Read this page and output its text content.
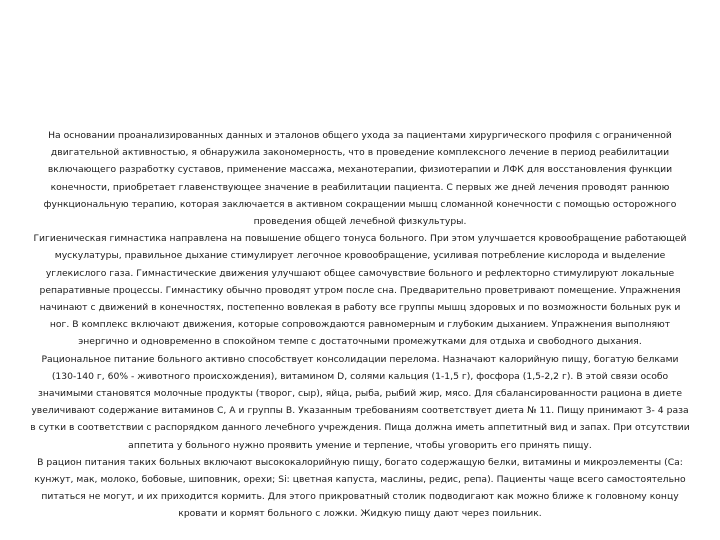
На основании проанализированных данных и эталонов общего ухода за пациентами хирургического профиля с ограниченной двигательной активностью, я обнаружила закономерность, что в проведение комплексного лечение в период реабилитации включающего разработку суставов, применение массажа, механотерапии, физиотерапии и ЛФК для восстановления функции конечности, приобретает главенствующее значение в реабилитации пациента. С первых же дней лечения проводят раннюю функциональную терапию, которая заключается в активном сокращении мышц сломанной конечности с помощью осторожного проведения общей лечебной физкультуры.

Гигиеническая гимнастика направлена на повышение общего тонуса больного. При этом улучшается кровообращение работающей мускулатуры, правильное дыхание стимулирует легочное кровообращение, усиливая потребление кислорода и выделение углекислого газа. Гимнастические движения улучшают общее самочувствие больного и рефлекторно стимулируют локальные репаративные процессы. Гимнастику обычно проводят утром после сна. Предварительно проветривают помещение. Упражнения начинают с движений в конечностях, постепенно вовлекая в работу все группы мышц здоровых и по возможности больных рук и ног. В комплекс включают движения, которые сопровождаются равномерным и глубоким дыханием. Упражнения выполняют энергично и одновременно в спокойном темпе с достаточными промежутками для отдыха и свободного дыхания.

Рациональное питание больного активно способствует консолидации перелома. Назначают калорийную пищу, богатую белками (130-140 г, 60% - животного происхождения), витамином D, солями кальция (1-1,5 г), фосфора (1,5-2,2 г). В этой связи особо значимыми становятся молочные продукты (творог, сыр), яйца, рыба, рыбий жир, мясо. Для сбалансированности рациона в диете увеличивают содержание витаминов С, А и группы В. Указанным требованиям соответствует диета № 11. Пищу принимают 3- 4 раза в сутки в соответствии с распорядком данного лечебного учреждения. Пища должна иметь аппетитный вид и запах. При отсутствии аппетита у больного нужно проявить умение и терпение, чтобы уговорить его принять пищу.

В рацион питания таких больных включают высококалорийную пищу, богато содержащую белки, витамины и микроэлементы (Са: кунжут, мак, молоко, бобовые, шиповник, орехи; Si: цветная капуста, маслины, редис, репа). Пациенты чаще всего самостоятельно питаться не могут, и их приходится кормить. Для этого прикроватный столик подводигают как можно ближе к головному концу кровати и кормят больного с ложки. Жидкую пищу дают через поильник.
